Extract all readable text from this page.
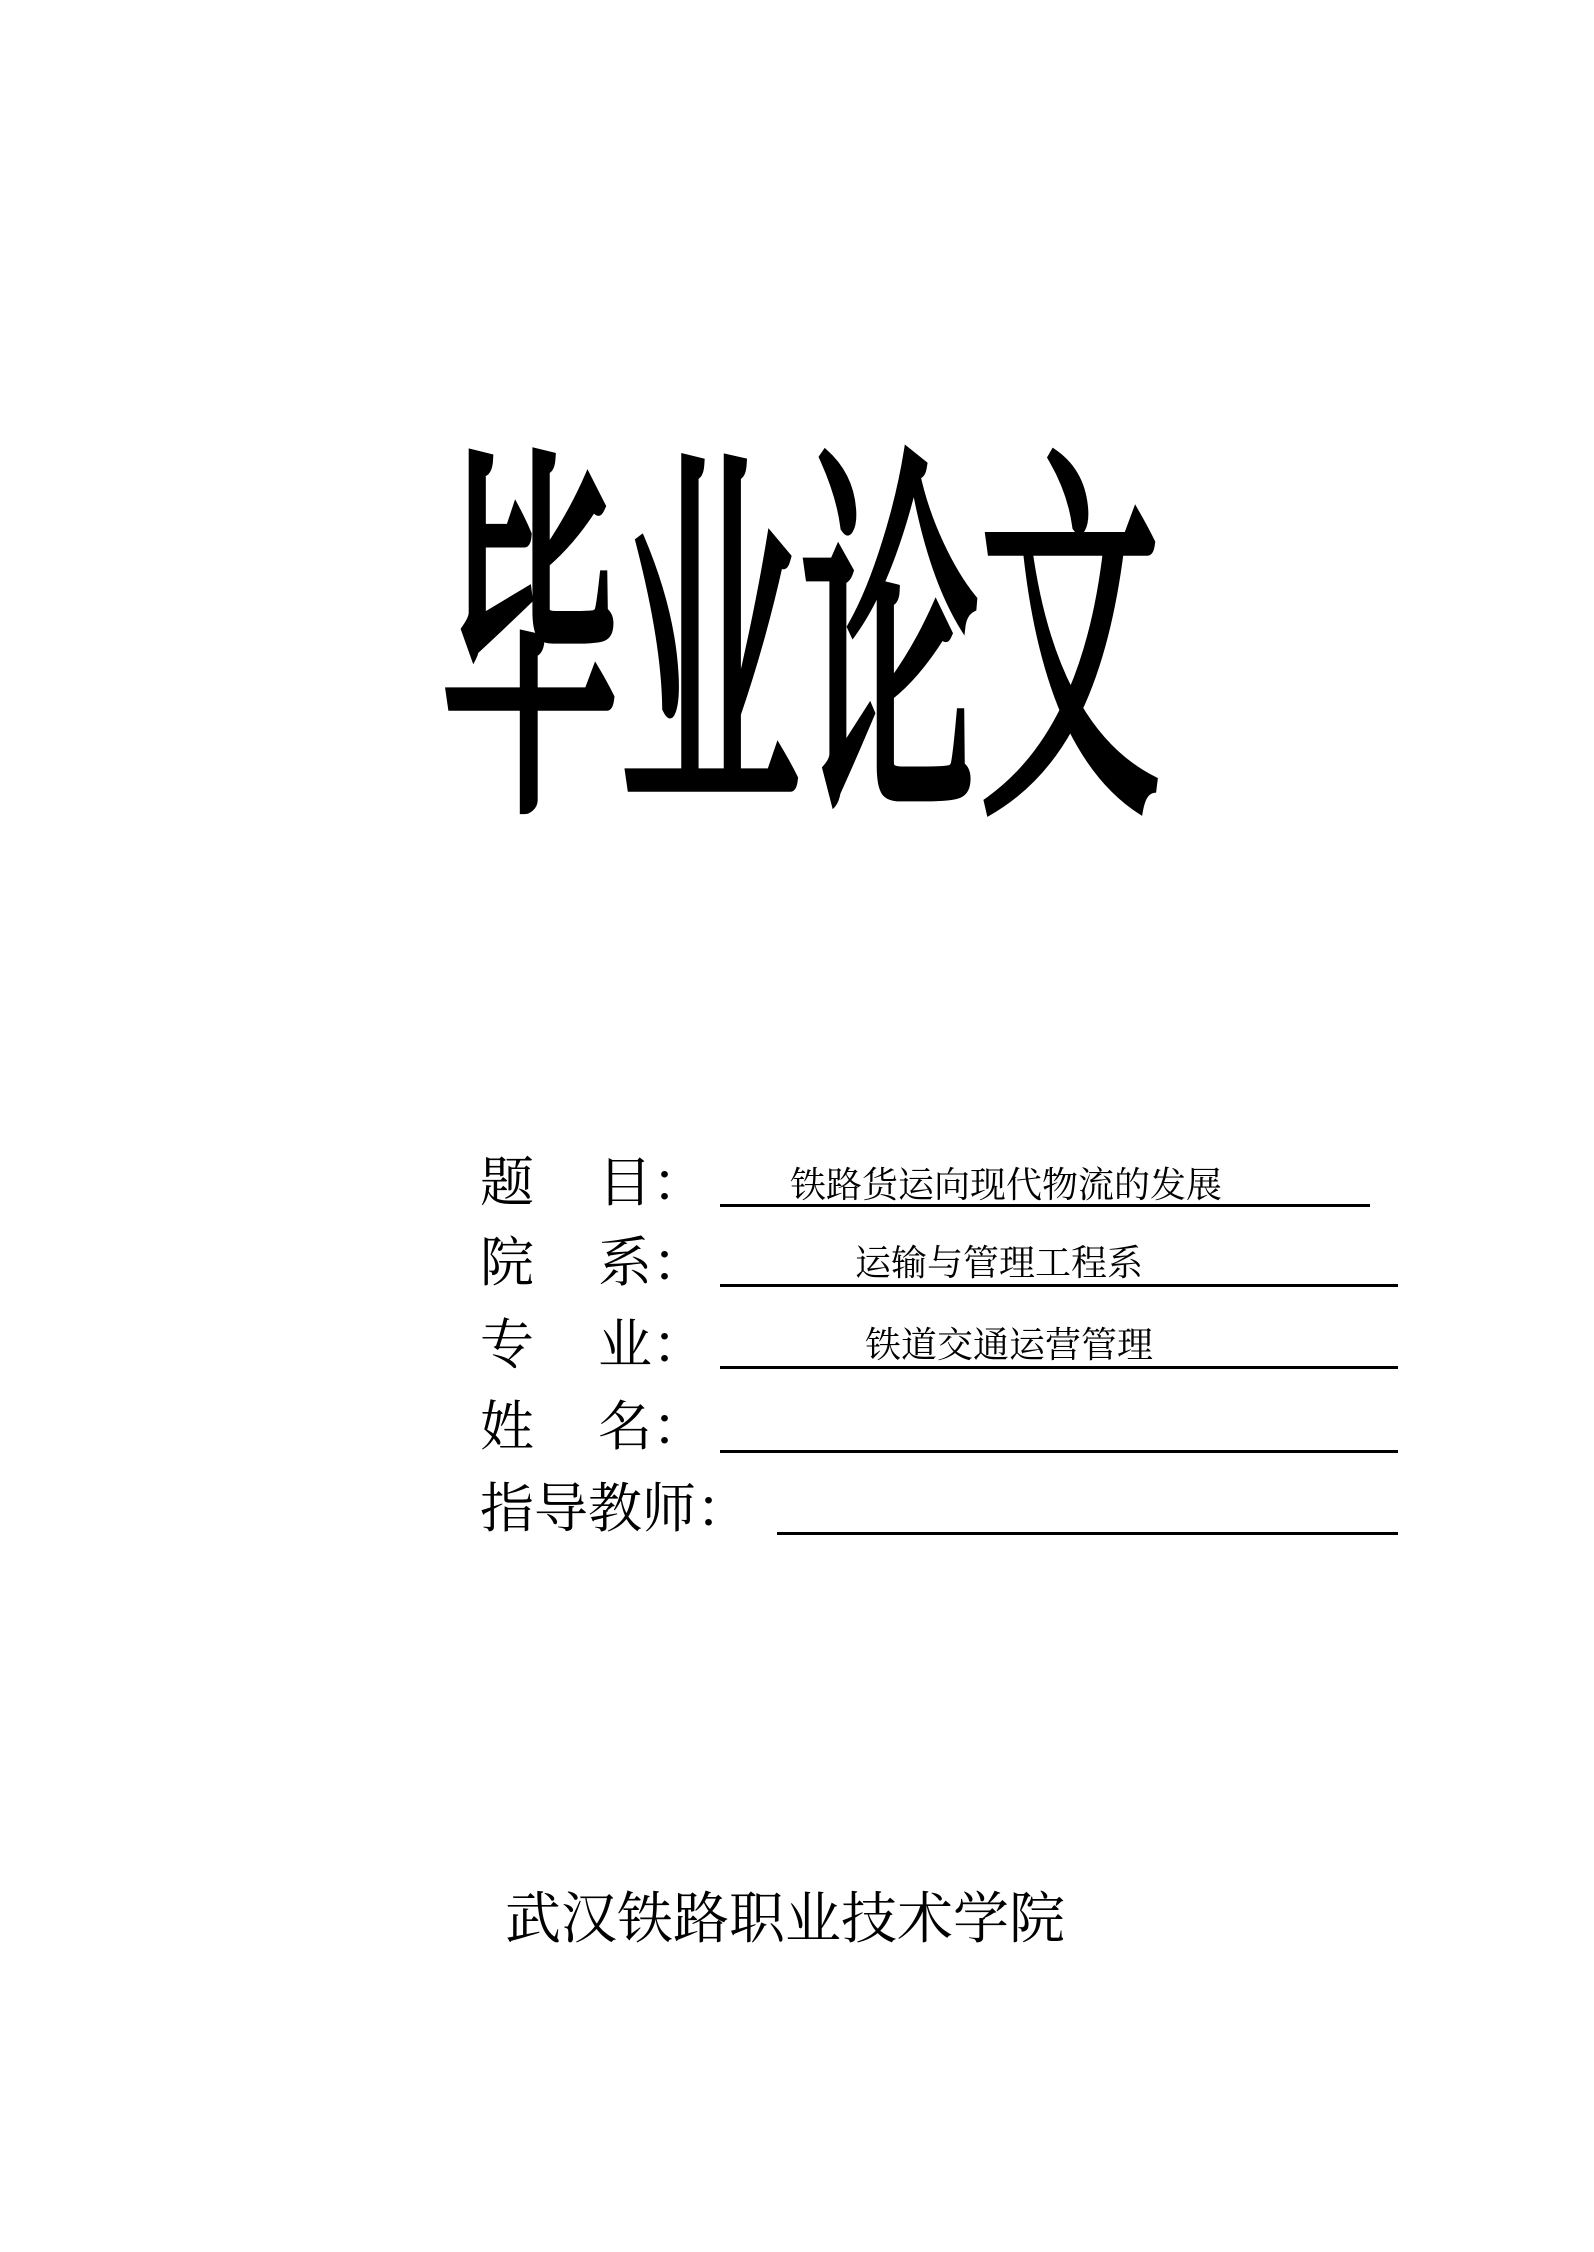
毕业论文
题 目： 铁路货运向现代物流的发展
院 系：	运输与管理工程系
专 业：	铁道交通运营管理
姓 名：
指导教师：
武汉铁路职业技术学院
